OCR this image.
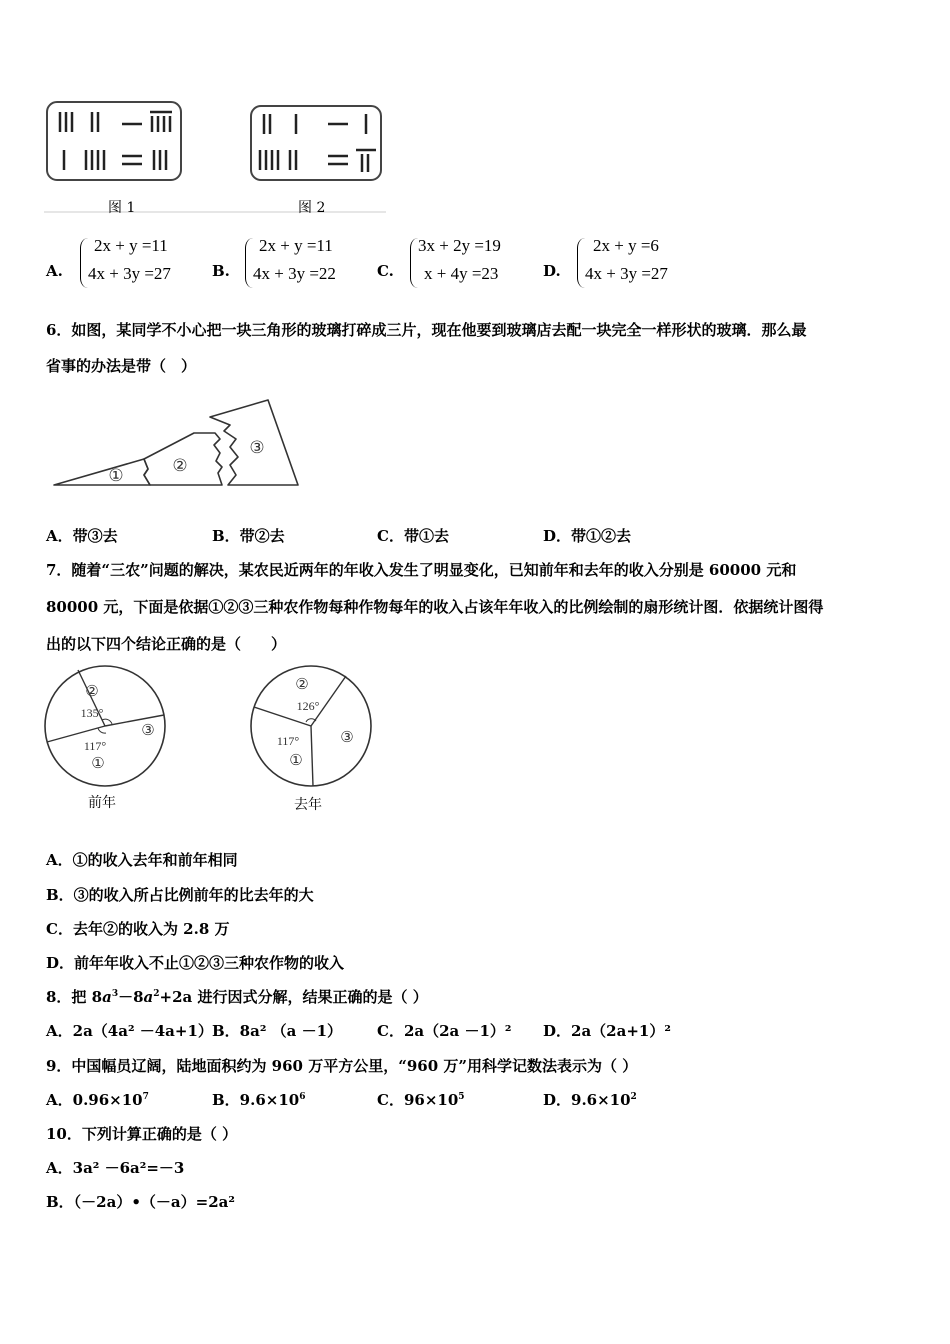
图 1	图 2
A.
2x + y =11
4x + 3y =27	B.
2x + y =11
4x + 3y =22	C.
3x + 2y =19
x + 4y =23	D.
2x + y =6
4x + 3y =27
6．如图，某同学不小心把一块三角形的玻璃打碎成三片，现在他要到玻璃店去配一块完全一样形状的玻璃．那么最
省事的办法是带（　）
①	②
③
A．带③去	B．带②去	C．带①去	D．带①②去
7．随着“三农”问题的解决，某农民近两年的年收入发生了明显变化，已知前年和去年的收入分别是 60000 元和
80000 元，下面是依据①②③三种农作物每种作物每年的收入占该年年收入的比例绘制的扇形统计图．依据统计图得
出的以下四个结论正确的是（　　）
②
135°
117°
①
③
前年
②
126°
117°
①
③
去年
A．①的收入去年和前年相同
B．③的收入所占比例前年的比去年的大
C．去年②的收入为 2.8 万
D．前年年收入不止①②③三种农作物的收入
8．把 $8a^3-8a^2+2a$ 进行因式分解，结果正确的是（ ）
A．2a（4a² －4a+1） B．8a² （a －1） C．2a（2a －1）² D．2a（2a+1）²
9．中国幅员辽阔，陆地面积约为 960 万平方公里，“960 万”用科学记数法表示为（ ）
A．$0.96\times 10^7$	B．$9.6\times 10^6$	C．$96\times 10^5$	D．$9.6\times 10^2$
10．下列计算正确的是（ ）
A．3a² －6a²=－3
B．（－2a）•（－a）=2a²
